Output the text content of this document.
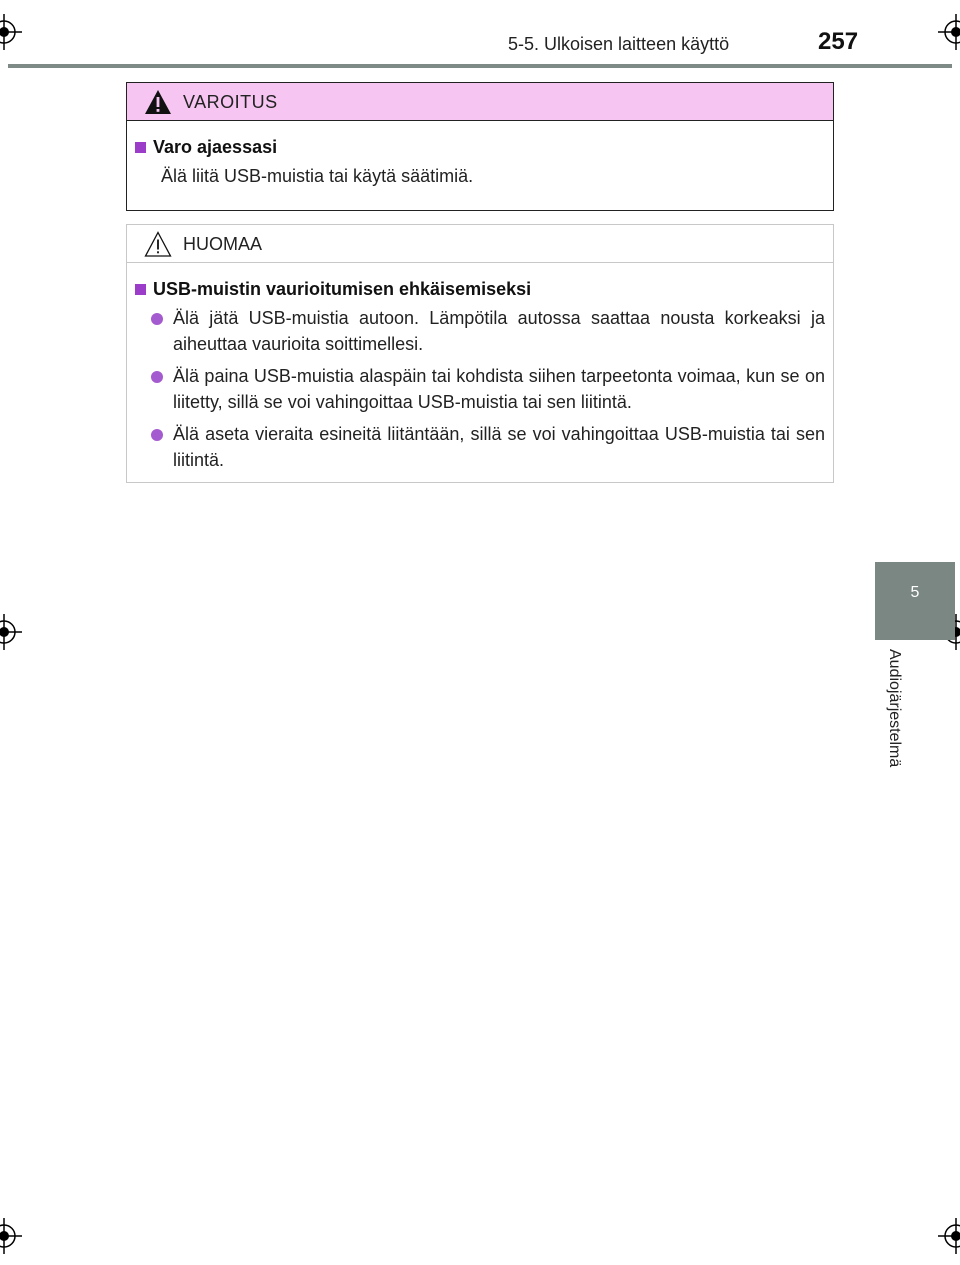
5-5. Ulkoisen laitteen käyttö	257
5
Audiojärjestelmä
VAROITUS
Varo ajaessasi
Älä liitä USB-muistia tai käytä säätimiä.
HUOMAA
USB-muistin vaurioitumisen ehkäisemiseksi
Älä jätä USB-muistia autoon. Lämpötila autossa saattaa nousta korkeaksi ja aiheuttaa vaurioita soittimellesi.
Älä paina USB-muistia alaspäin tai kohdista siihen tarpeetonta voimaa, kun se on liitetty, sillä se voi vahingoittaa USB-muistia tai sen liitintä.
Älä aseta vieraita esineitä liitäntään, sillä se voi vahingoittaa USB-muistia tai sen liitintä.
